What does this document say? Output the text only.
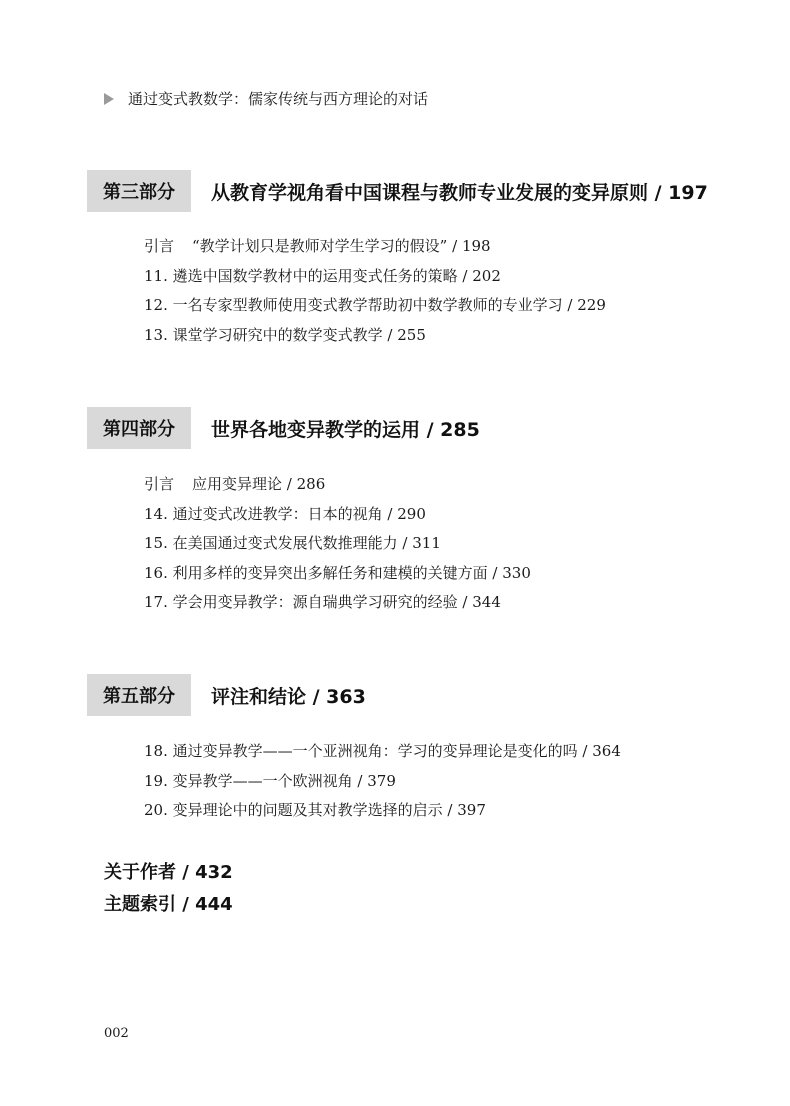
通过变式教数学：儒家传统与西方理论的对话
第三部分	从教育学视角看中国课程与教师专业发展的变异原则 / 197
引言 “教学计划只是教师对学生学习的假设” / 198
11. 遴选中国数学教材中的运用变式任务的策略 / 202
12. 一名专家型教师使用变式教学帮助初中数学教师的专业学习 / 229
13. 课堂学习研究中的数学变式教学 / 255
第四部分	世界各地变异教学的运用 / 285
引言 应用变异理论 / 286
14. 通过变式改进教学：日本的视角 / 290
15. 在美国通过变式发展代数推理能力 / 311
16. 利用多样的变异突出多解任务和建模的关键方面 / 330
17. 学会用变异教学：源自瑞典学习研究的经验 / 344
第五部分	评注和结论 / 363
18. 通过变异教学——一个亚洲视角：学习的变异理论是变化的吗 / 364
19. 变异教学——一个欧洲视角 / 379
20. 变异理论中的问题及其对教学选择的启示 / 397
关于作者 / 432
主题索引 / 444
002
